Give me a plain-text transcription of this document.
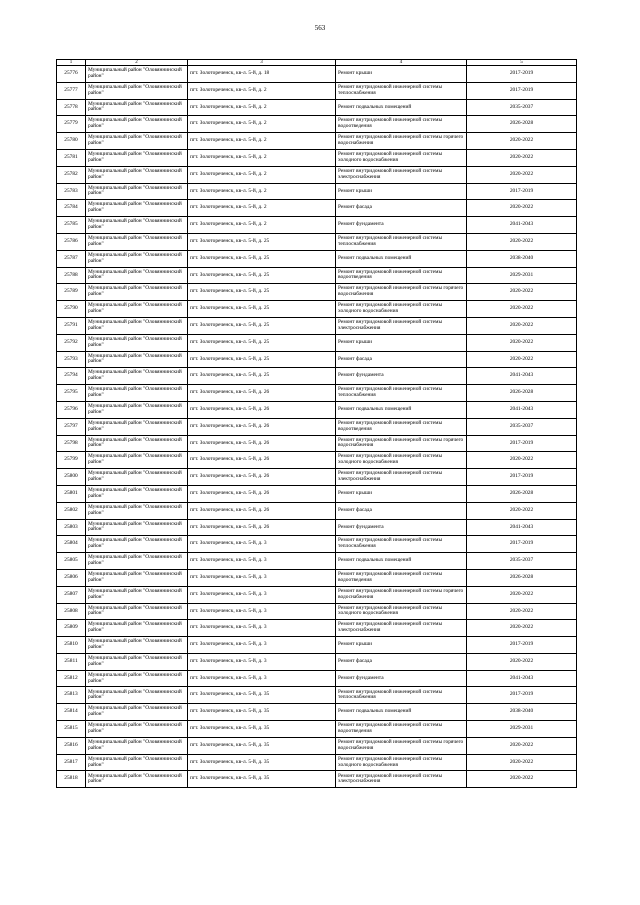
563
1	2	3	4	5
25776	Муниципальный район "Оловяннинский район"	пгт. Золотореченск, кв-л. 5-й, д. 18	Ремонт крыши	2017-2019
25777	Муниципальный район "Оловяннинский район"	пгт. Золотореченск, кв-л. 5-й, д. 2	Ремонт внутридомовой инженерной системы теплоснабжения	2017-2019
25778	Муниципальный район "Оловяннинский район"	пгт. Золотореченск, кв-л. 5-й, д. 2	Ремонт подвальных помещений	2035-2037
25779	Муниципальный район "Оловяннинский район"	пгт. Золотореченск, кв-л. 5-й, д. 2	Ремонт внутридомовой инженерной системы водоотведения	2026-2028
25780	Муниципальный район "Оловяннинский район"	пгт. Золотореченск, кв-л. 5-й, д. 2	Ремонт внутридомовой инженерной системы горячего водоснабжения	2020-2022
25781	Муниципальный район "Оловяннинский район"	пгт. Золотореченск, кв-л. 5-й, д. 2	Ремонт внутридомовой инженерной системы холодного водоснабжения	2020-2022
25782	Муниципальный район "Оловяннинский район"	пгт. Золотореченск, кв-л. 5-й, д. 2	Ремонт внутридомовой инженерной системы электроснабжения	2020-2022
25783	Муниципальный район "Оловяннинский район"	пгт. Золотореченск, кв-л. 5-й, д. 2	Ремонт крыши	2017-2019
25784	Муниципальный район "Оловяннинский район"	пгт. Золотореченск, кв-л. 5-й, д. 2	Ремонт фасада	2020-2022
25785	Муниципальный район "Оловяннинский район"	пгт. Золотореченск, кв-л. 5-й, д. 2	Ремонт фундамента	2041-2043
25786	Муниципальный район "Оловяннинский район"	пгт. Золотореченск, кв-л. 5-й, д. 25	Ремонт внутридомовой инженерной системы теплоснабжения	2020-2022
25787	Муниципальный район "Оловяннинский район"	пгт. Золотореченск, кв-л. 5-й, д. 25	Ремонт подвальных помещений	2038-2040
25788	Муниципальный район "Оловяннинский район"	пгт. Золотореченск, кв-л. 5-й, д. 25	Ремонт внутридомовой инженерной системы водоотведения	2029-2031
25789	Муниципальный район "Оловяннинский район"	пгт. Золотореченск, кв-л. 5-й, д. 25	Ремонт внутридомовой инженерной системы горячего водоснабжения	2020-2022
25790	Муниципальный район "Оловяннинский район"	пгт. Золотореченск, кв-л. 5-й, д. 25	Ремонт внутридомовой инженерной системы холодного водоснабжения	2020-2022
25791	Муниципальный район "Оловяннинский район"	пгт. Золотореченск, кв-л. 5-й, д. 25	Ремонт внутридомовой инженерной системы электроснабжения	2020-2022
25792	Муниципальный район "Оловяннинский район"	пгт. Золотореченск, кв-л. 5-й, д. 25	Ремонт крыши	2020-2022
25793	Муниципальный район "Оловяннинский район"	пгт. Золотореченск, кв-л. 5-й, д. 25	Ремонт фасада	2020-2022
25794	Муниципальный район "Оловяннинский район"	пгт. Золотореченск, кв-л. 5-й, д. 25	Ремонт фундамента	2041-2043
25795	Муниципальный район "Оловяннинский район"	пгт. Золотореченск, кв-л. 5-й, д. 26	Ремонт внутридомовой инженерной системы теплоснабжения	2026-2028
25796	Муниципальный район "Оловяннинский район"	пгт. Золотореченск, кв-л. 5-й, д. 26	Ремонт подвальных помещений	2041-2043
25797	Муниципальный район "Оловяннинский район"	пгт. Золотореченск, кв-л. 5-й, д. 26	Ремонт внутридомовой инженерной системы водоотведения	2035-2037
25798	Муниципальный район "Оловяннинский район"	пгт. Золотореченск, кв-л. 5-й, д. 26	Ремонт внутридомовой инженерной системы горячего водоснабжения	2017-2019
25799	Муниципальный район "Оловяннинский район"	пгт. Золотореченск, кв-л. 5-й, д. 26	Ремонт внутридомовой инженерной системы холодного водоснабжения	2020-2022
25800	Муниципальный район "Оловяннинский район"	пгт. Золотореченск, кв-л. 5-й, д. 26	Ремонт внутридомовой инженерной системы электроснабжения	2017-2019
25801	Муниципальный район "Оловяннинский район"	пгт. Золотореченск, кв-л. 5-й, д. 26	Ремонт крыши	2026-2028
25802	Муниципальный район "Оловяннинский район"	пгт. Золотореченск, кв-л. 5-й, д. 26	Ремонт фасада	2020-2022
25803	Муниципальный район "Оловяннинский район"	пгт. Золотореченск, кв-л. 5-й, д. 26	Ремонт фундамента	2041-2043
25804	Муниципальный район "Оловяннинский район"	пгт. Золотореченск, кв-л. 5-й, д. 3	Ремонт внутридомовой инженерной системы теплоснабжения	2017-2019
25805	Муниципальный район "Оловяннинский район"	пгт. Золотореченск, кв-л. 5-й, д. 3	Ремонт подвальных помещений	2035-2037
25806	Муниципальный район "Оловяннинский район"	пгт. Золотореченск, кв-л. 5-й, д. 3	Ремонт внутридомовой инженерной системы водоотведения	2026-2028
25807	Муниципальный район "Оловяннинский район"	пгт. Золотореченск, кв-л. 5-й, д. 3	Ремонт внутридомовой инженерной системы горячего водоснабжения	2020-2022
25808	Муниципальный район "Оловяннинский район"	пгт. Золотореченск, кв-л. 5-й, д. 3	Ремонт внутридомовой инженерной системы холодного водоснабжения	2020-2022
25809	Муниципальный район "Оловяннинский район"	пгт. Золотореченск, кв-л. 5-й, д. 3	Ремонт внутридомовой инженерной системы электроснабжения	2020-2022
25810	Муниципальный район "Оловяннинский район"	пгт. Золотореченск, кв-л. 5-й, д. 3	Ремонт крыши	2017-2019
25811	Муниципальный район "Оловяннинский район"	пгт. Золотореченск, кв-л. 5-й, д. 3	Ремонт фасада	2020-2022
25812	Муниципальный район "Оловяннинский район"	пгт. Золотореченск, кв-л. 5-й, д. 3	Ремонт фундамента	2041-2043
25813	Муниципальный район "Оловяннинский район"	пгт. Золотореченск, кв-л. 5-й, д. 35	Ремонт внутридомовой инженерной системы теплоснабжения	2017-2019
25814	Муниципальный район "Оловяннинский район"	пгт. Золотореченск, кв-л. 5-й, д. 35	Ремонт подвальных помещений	2038-2040
25815	Муниципальный район "Оловяннинский район"	пгт. Золотореченск, кв-л. 5-й, д. 35	Ремонт внутридомовой инженерной системы водоотведения	2029-2031
25816	Муниципальный район "Оловяннинский район"	пгт. Золотореченск, кв-л. 5-й, д. 35	Ремонт внутридомовой инженерной системы горячего водоснабжения	2020-2022
25817	Муниципальный район "Оловяннинский район"	пгт. Золотореченск, кв-л. 5-й, д. 35	Ремонт внутридомовой инженерной системы холодного водоснабжения	2020-2022
25818	Муниципальный район "Оловяннинский район"	пгт. Золотореченск, кв-л. 5-й, д. 35	Ремонт внутридомовой инженерной системы электроснабжения	2020-2022
